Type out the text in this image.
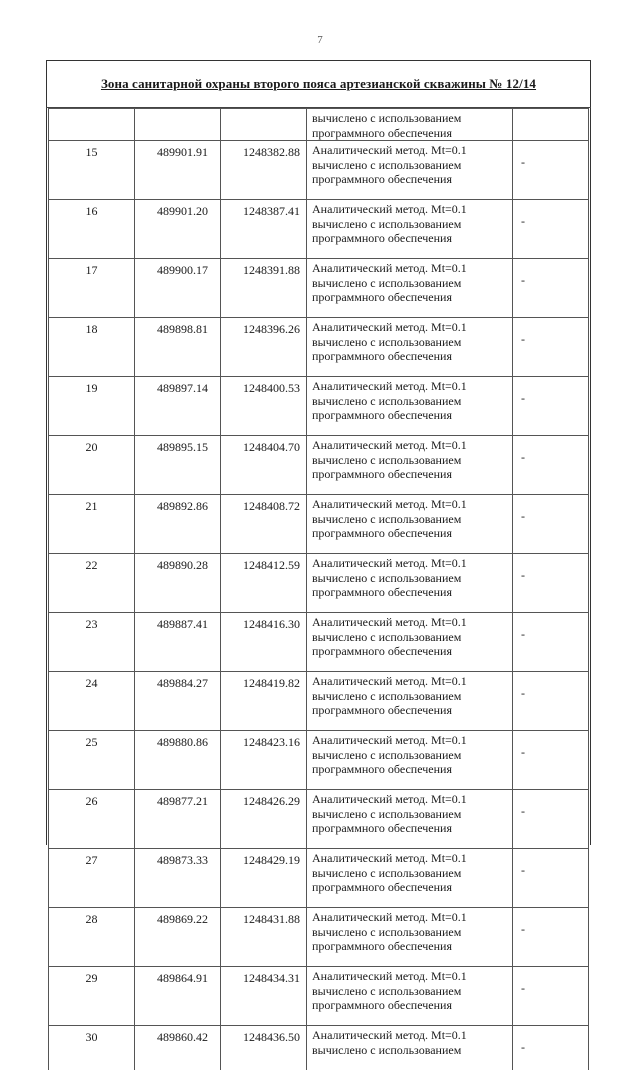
7
Зона санитарной охраны второго пояса артезианской скважины № 12/14

			вычислено с использованием
программного обеспечения	

15	489901.91	1248382.88	Аналитический метод. Mt=0.1
вычислено с использованием
программного обеспечения	-
16	489901.20	1248387.41	Аналитический метод. Mt=0.1
вычислено с использованием
программного обеспечения	-
17	489900.17	1248391.88	Аналитический метод. Mt=0.1
вычислено с использованием
программного обеспечения	-
18	489898.81	1248396.26	Аналитический метод. Mt=0.1
вычислено с использованием
программного обеспечения	-
19	489897.14	1248400.53	Аналитический метод. Mt=0.1
вычислено с использованием
программного обеспечения	-
20	489895.15	1248404.70	Аналитический метод. Mt=0.1
вычислено с использованием
программного обеспечения	-
21	489892.86	1248408.72	Аналитический метод. Mt=0.1
вычислено с использованием
программного обеспечения	-
22	489890.28	1248412.59	Аналитический метод. Mt=0.1
вычислено с использованием
программного обеспечения	-
23	489887.41	1248416.30	Аналитический метод. Mt=0.1
вычислено с использованием
программного обеспечения	-
24	489884.27	1248419.82	Аналитический метод. Mt=0.1
вычислено с использованием
программного обеспечения	-
25	489880.86	1248423.16	Аналитический метод. Mt=0.1
вычислено с использованием
программного обеспечения	-
26	489877.21	1248426.29	Аналитический метод. Mt=0.1
вычислено с использованием
программного обеспечения	-
27	489873.33	1248429.19	Аналитический метод. Mt=0.1
вычислено с использованием
программного обеспечения	-
28	489869.22	1248431.88	Аналитический метод. Mt=0.1
вычислено с использованием
программного обеспечения	-
29	489864.91	1248434.31	Аналитический метод. Mt=0.1
вычислено с использованием
программного обеспечения	-
30	489860.42	1248436.50	Аналитический метод. Mt=0.1
вычислено с использованием	-
